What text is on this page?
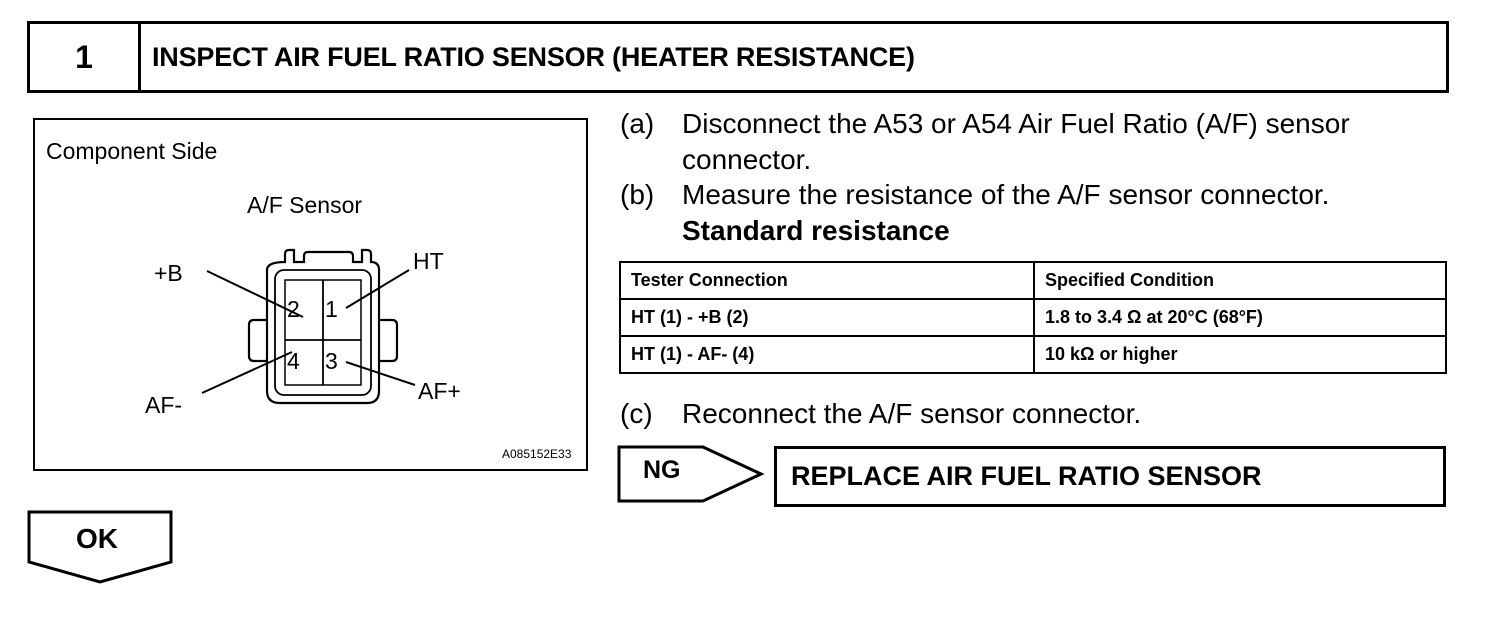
1	INSPECT AIR FUEL RATIO SENSOR (HEATER RESISTANCE)
Component Side
A/F Sensor
2 1
4 3
+B	HT
AF-
AF+
A085152E33
(a) Disconnect the A53 or A54 Air Fuel Ratio (A/F) sensor
connector.
(b) Measure the resistance of the A/F sensor connector.
Standard resistance
Tester Connection	Specified Condition
HT (1) - +B (2)	1.8 to 3.4 Ω at 20°C (68°F)
HT (1) - AF- (4)	10 kΩ or higher
(c) Reconnect the A/F sensor connector.
NG	REPLACE AIR FUEL RATIO SENSOR
OK
